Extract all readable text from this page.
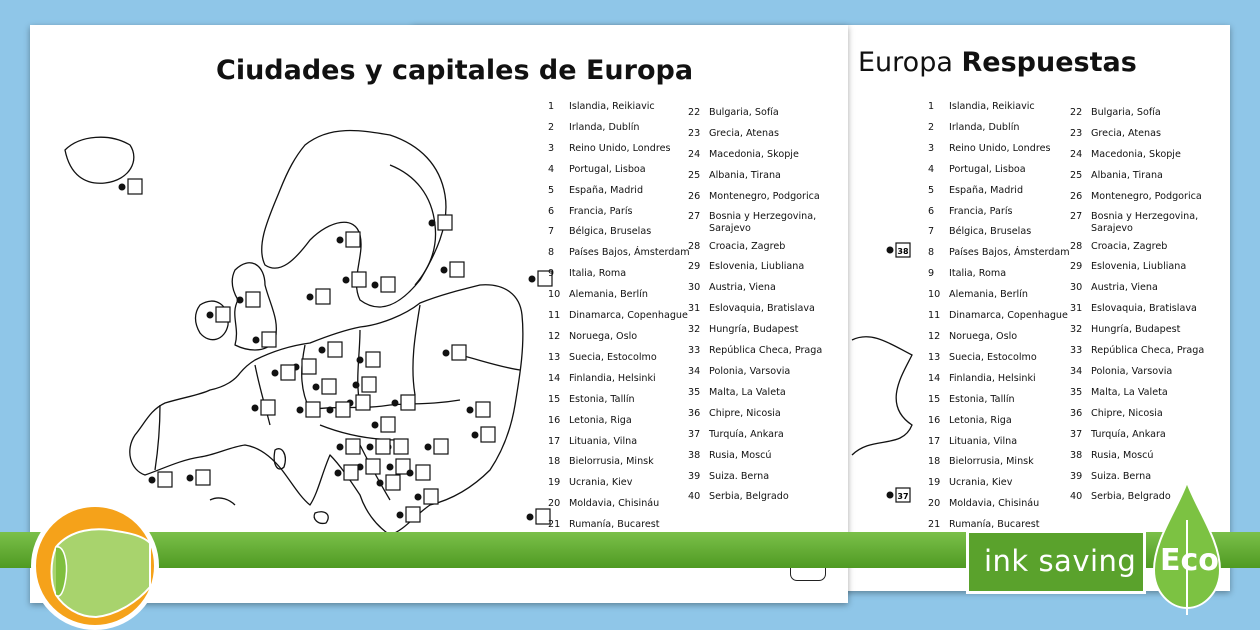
Europa Respuestas
38
37
1 Islandia, Reikiavic
2 Irlanda, Dublín
3 Reino Unido, Londres
4 Portugal, Lisboa
5 España, Madrid
6 Francia, París
7 Bélgica, Bruselas
8 Países Bajos, Ámsterdam
9 Italia, Roma
10 Alemania, Berlín
11 Dinamarca, Copenhague
12 Noruega, Oslo
13 Suecia, Estocolmo
14 Finlandia, Helsinki
15 Estonia, Tallín
16 Letonia, Riga
17 Lituania, Vilna
18 Bielorrusia, Minsk
19 Ucrania, Kiev
20 Moldavia, Chisináu
21 Rumanía, Bucarest
22 Bulgaria, Sofía
23 Grecia, Atenas
24 Macedonia, Skopje
25 Albania, Tirana
26 Montenegro, Podgorica
27 Bosnia y Herzegovina, Sarajevo
28 Croacia, Zagreb
29 Eslovenia, Liubliana
30 Austria, Viena
31 Eslovaquia, Bratislava
32 Hungría, Budapest
33 República Checa, Praga
34 Polonia, Varsovia
35 Malta, La Valeta
36 Chipre, Nicosia
37 Turquía, Ankara
38 Rusia, Moscú
39 Suiza. Berna
40 Serbia, Belgrado
Ciudades y capitales de Europa
1 Islandia, Reikiavic
2 Irlanda, Dublín
3 Reino Unido, Londres
4 Portugal, Lisboa
5 España, Madrid
6 Francia, París
7 Bélgica, Bruselas
8 Países Bajos, Ámsterdam
9 Italia, Roma
10 Alemania, Berlín
11 Dinamarca, Copenhague
12 Noruega, Oslo
13 Suecia, Estocolmo
14 Finlandia, Helsinki
15 Estonia, Tallín
16 Letonia, Riga
17 Lituania, Vilna
18 Bielorrusia, Minsk
19 Ucrania, Kiev
20 Moldavia, Chisináu
21 Rumanía, Bucarest
22 Bulgaria, Sofía
23 Grecia, Atenas
24 Macedonia, Skopje
25 Albania, Tirana
26 Montenegro, Podgorica
27 Bosnia y Herzegovina, Sarajevo
28 Croacia, Zagreb
29 Eslovenia, Liubliana
30 Austria, Viena
31 Eslovaquia, Bratislava
32 Hungría, Budapest
33 República Checa, Praga
34 Polonia, Varsovia
35 Malta, La Valeta
36 Chipre, Nicosia
37 Turquía, Ankara
38 Rusia, Moscú
39 Suiza. Berna
40 Serbia, Belgrado
ink saving Eco
